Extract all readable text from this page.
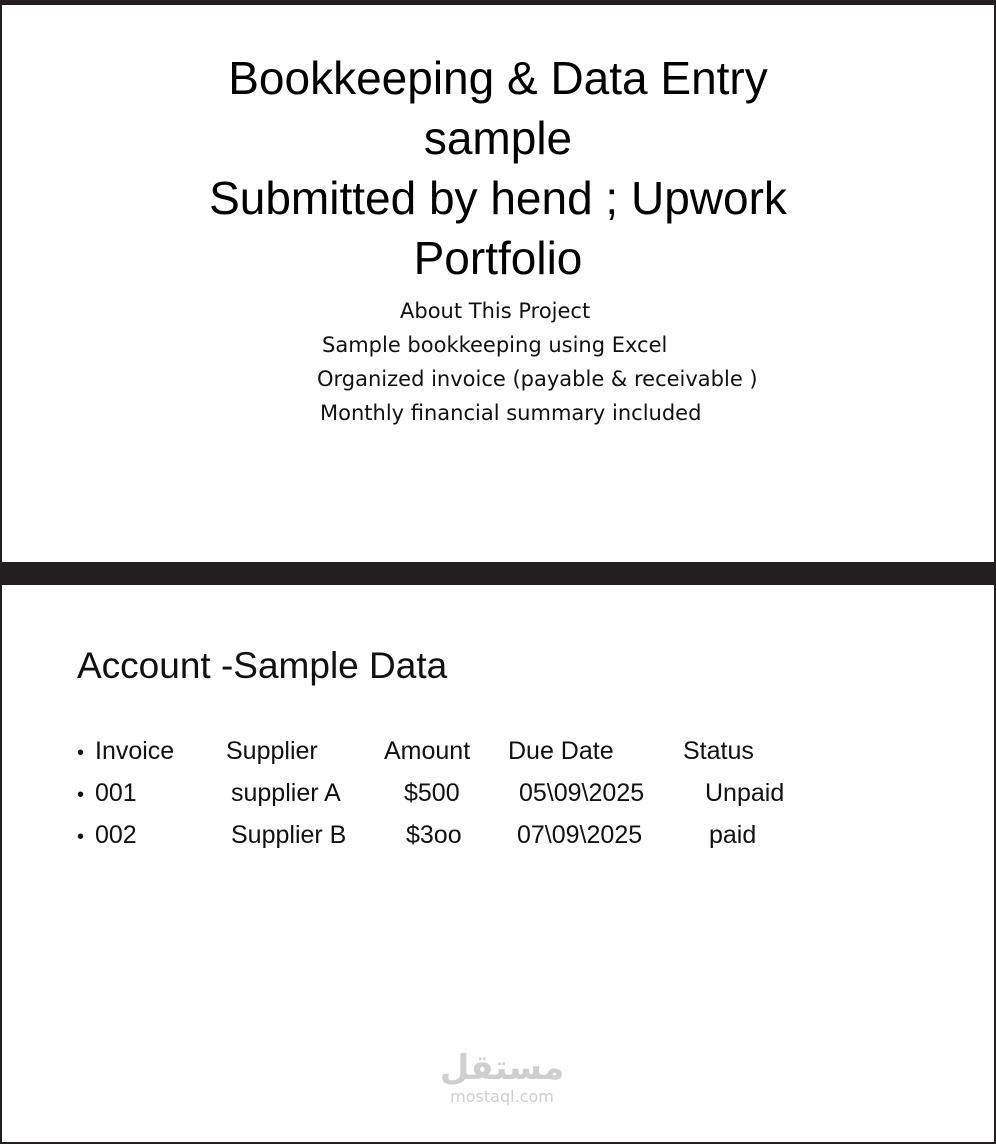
Bookkeeping & Data Entry
sample
Submitted by hend ; Upwork
Portfolio
About This Project
Sample bookkeeping using Excel
Organized invoice (payable & receivable )
Monthly financial summary included
Account -Sample Data
• Invoice Supplier	Amount Due Date	Status
• 001	supplier A	$500 05\09\2025 Unpaid
• 002	Supplier B $3oo 07\09\2025	paid
مستقل
mostaql.com
